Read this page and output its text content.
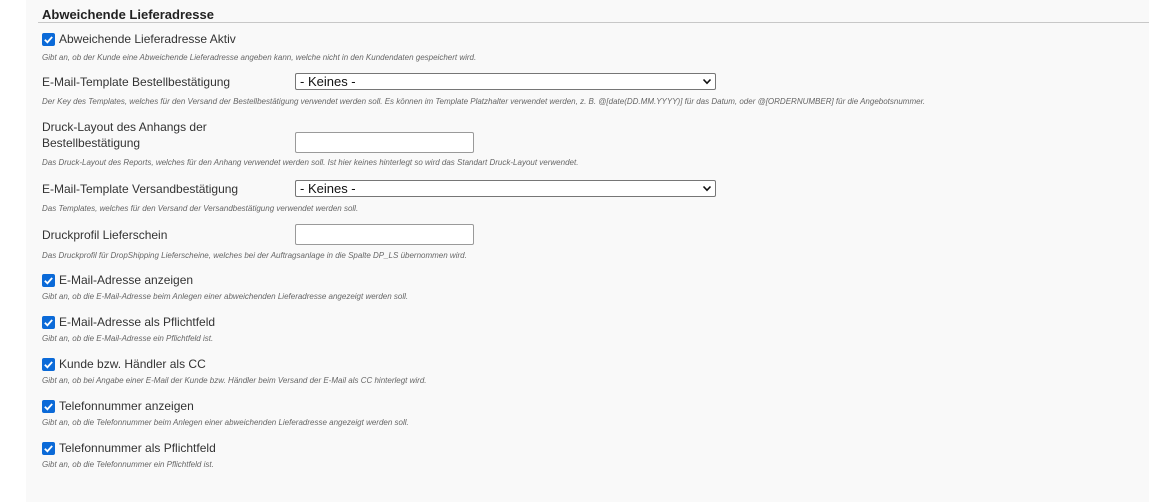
Abweichende Lieferadresse
Abweichende Lieferadresse Aktiv
Gibt an, ob der Kunde eine Abweichende Lieferadresse angeben kann, welche nicht in den Kundendaten gespeichert wird.
E-Mail-Template Bestellbestätigung	- Keines -
Der Key des Templates, welches für den Versand der Bestellbestätigung verwendet werden soll. Es können im Template Platzhalter verwendet werden, z. B. @[date(DD.MM.YYYY)] für das Datum, oder @[ORDERNUMBER] für die Angebotsnummer.
Druck-Layout des Anhangs der
Bestellbestätigung
Das Druck-Layout des Reports, welches für den Anhang verwendet werden soll. Ist hier keines hinterlegt so wird das Standart Druck-Layout verwendet.
E-Mail-Template Versandbestätigung	- Keines -
Das Templates, welches für den Versand der Versandbestätigung verwendet werden soll.
Druckprofil Lieferschein
Das Druckprofil für DropShipping Lieferscheine, welches bei der Auftragsanlage in die Spalte DP_LS übernommen wird.
E-Mail-Adresse anzeigen
Gibt an, ob die E-Mail-Adresse beim Anlegen einer abweichenden Lieferadresse angezeigt werden soll.
E-Mail-Adresse als Pflichtfeld
Gibt an, ob die E-Mail-Adresse ein Pflichtfeld ist.
Kunde bzw. Händler als CC
Gibt an, ob bei Angabe einer E-Mail der Kunde bzw. Händler beim Versand der E-Mail als CC hinterlegt wird.
Telefonnummer anzeigen
Gibt an, ob die Telefonnummer beim Anlegen einer abweichenden Lieferadresse angezeigt werden soll.
Telefonnummer als Pflichtfeld
Gibt an, ob die Telefonnummer ein Pflichtfeld ist.
